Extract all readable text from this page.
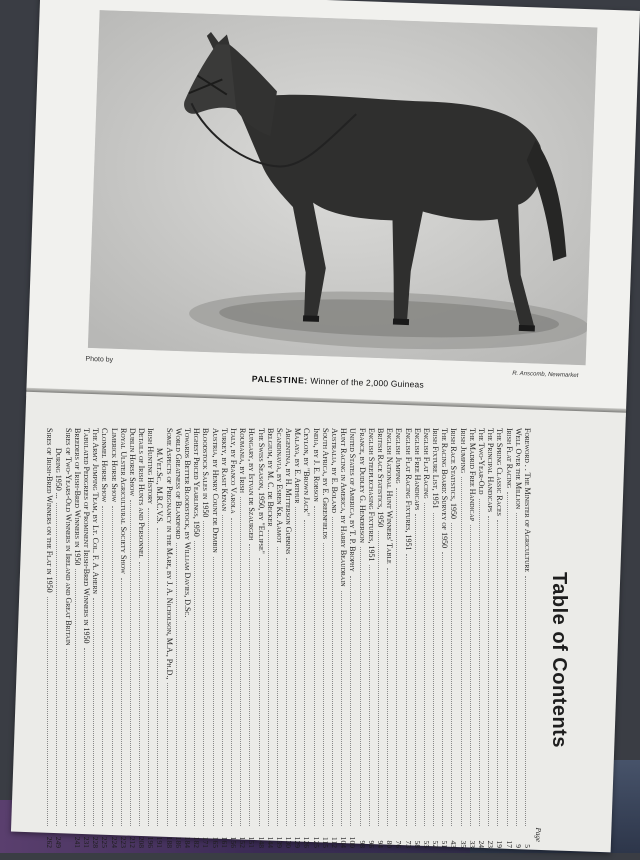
Photo by
R. Anscomb, Newmarket
PALESTINE: Winner of the 2,000 Guineas
Table of Contents
Page
Foreword . . The Minister of Agriculture
5
Well Over the Million
9
Irish Flat Racing
17
The Spring Classic Races
19
The Principal Handicaps
23
The Two-Year-Old
24
The Madrid Free Handicap
33
Irish Jumping
35
Irish Race Statistics, 1950
43
The Racing Board: Survey of 1950
51
Irish Fixture List, 1951
52
English Flat Racing
55
English Free Handicaps
58
English Flat Racing Fixtures, 1951
73
English Jumping
76
English National Hunt Winners' Table
80
British Race Statistics, 1950
94
English Steeplechasing Fixtures, 1951
96
France, by Dudley G. Henderson
98
United States of America, by T. P. Brophy
100
Hunt Racing in America, by Harry Beaudrain
104
Australia, by E. Boland
112
South Africa, by E. Greenfields
115
India, by J. E. Robson
125
Ceylon, by "Brown Jack"
126
Malaya, by E. Arthur
129
Argentina, by H. Mitterson Gubbins
130
Scandinavia, by Esben Kr. Aamot
139
Belgium, by M. C. de Becker
144
The Swiss Season, 1950, by "Eclipse"
148
Hungary, by Istvan de Szaurgeh
151
Roumania, by Irish
152
Italy, by Franco Varola
156
Turkey, by Rasit Kenan
161
Austria, by Henry Count de Dembin
165
Bloodstock Sales in 1950
171
Highest Priced Yearlings, 1950
182
Towards Better Bloodstock, by William Davies, D.Sc.
184
World Greatness of Blandford
186
Some Aspects of Pregnancy in the Mare, by J. A. Nicholson, M.A., Ph.D.,
188
M.Vet.Sc., M.R.C.V.S.
191
Irish Hunting History
196
Details of Irish Hunts and Personnel
208
Dublin Horse Show
212
Royal Ulster Agricultural Society Show
223
Limerick Horse Show
224
Clonmel Horse Show
225
The Army Jumping Team, by Lt. Col. F. A. Ahern
228
Tabulated Pedigrees of Prominent Irish-Bred Winners in 1950
231
Breeders of Irish-Bred Winners in 1950
241
Sires of Two-Years-Old Winners in Ireland and Great Britain
During 1950 ...
249
Sires of Irish-Bred Winners on the Flat in 1950
262
